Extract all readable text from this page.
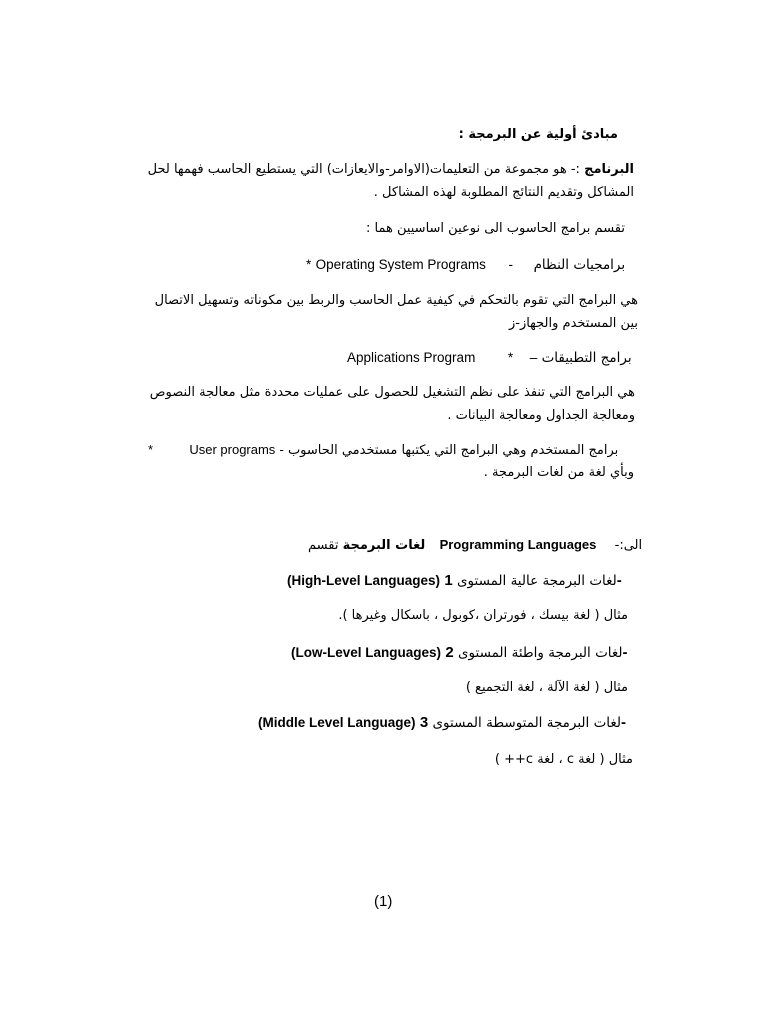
مبادئ أولية عن البرمجة :
البرنامج :- هو مجموعة من التعليمات(الاوامر-والايعازات) التي يستطيع الحاسب فهمها لحل
المشاكل وتقديم النتائج المطلوبة لهذه المشاكل .
تقسم برامج الحاسوب الى نوعين اساسيين هما :
برامجيات النظام  -  Operating System Programs *
هي البرامج التي تقوم بالتحكم في كيفية عمل الحاسب والربط بين مكوناته وتسهيل الاتصال
بين المستخدم والجهاز-ز
برامج التطبيقات –  *  Applications Program
هي البرامج التي تنفذ على نظم التشغيل للحصول على عمليات محددة مثل معالجة النصوص
ومعالجة الجداول ومعالجة البيانات .
برامج المستخدم وهي البرامج التي يكتبها مستخدمي الحاسوب - User programs  *
وبأي لغة من لغات البرمجة .
الى:-  Programming Languages  لغات البرمجة تقسم
(High-Level Languages) لغات البرمجة عالية المستوى 1-
مثال ( لغة بيسك ، فورتران ،كوبول ، باسكال وغيرها ).
(Low-Level Languages) لغات البرمجة واطئة المستوى 2-
مثال ( لغة الآلة ، لغة التجميع )
(Middle Level Language) لغات البرمجة المتوسطة المستوى 3-
مثال ( لغة c ، لغة c++ )
(1)
